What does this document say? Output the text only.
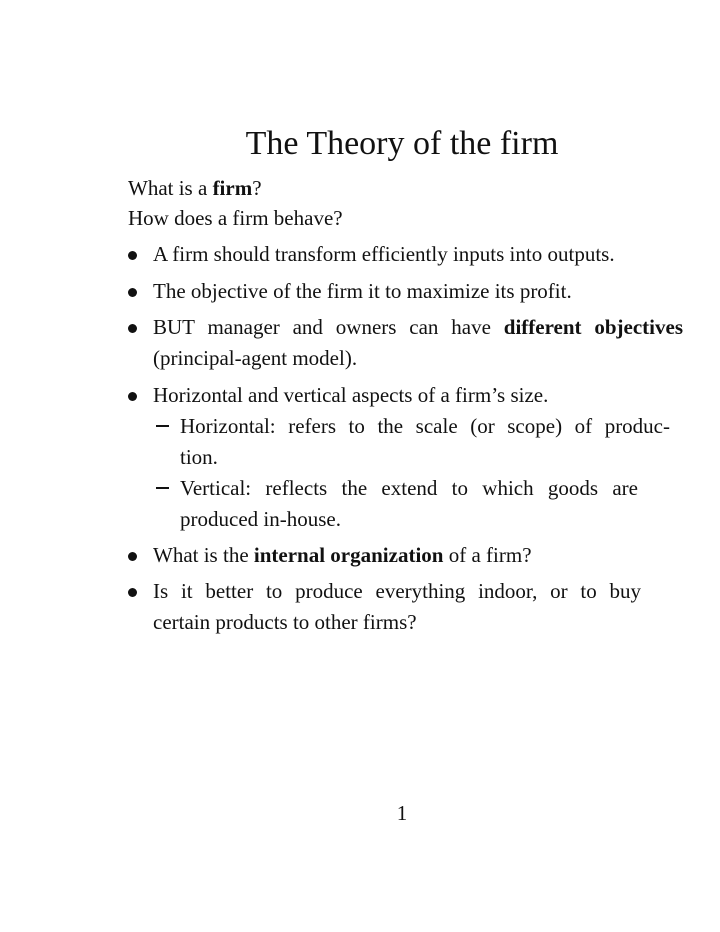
The Theory of the firm
What is a firm?
How does a firm behave?
A firm should transform efficiently inputs into outputs.
The objective of the firm it to maximize its profit.
BUT manager and owners can have different objectives
(principal-agent model).
Horizontal and vertical aspects of a firm’s size.
Horizontal: refers to the scale (or scope) of produc-
tion.
Vertical: reflects the extend to which goods are
produced in-house.
What is the internal organization of a firm?
Is it better to produce everything indoor, or to buy
certain products to other firms?
1
